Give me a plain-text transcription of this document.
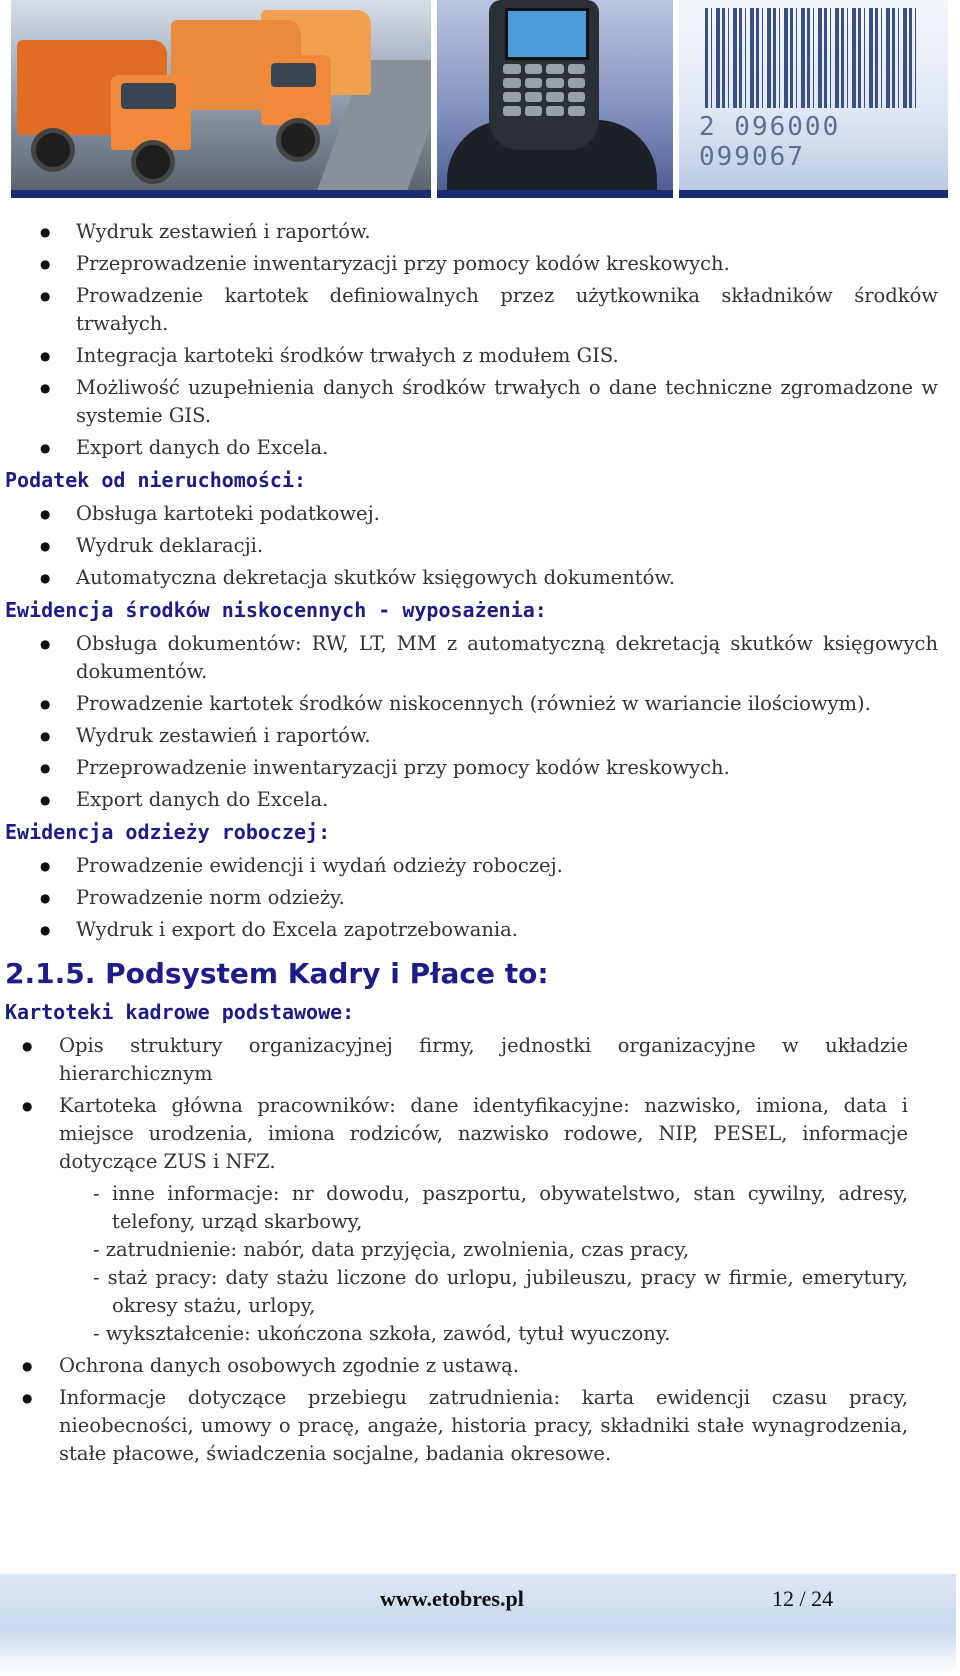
2 096000 099067
● Wydruk zestawień i raportów.
● Przeprowadzenie inwentaryzacji przy pomocy kodów kreskowych.
● Prowadzenie kartotek definiowalnych przez użytkownika składników środków trwałych.
● Integracja kartoteki środków trwałych z modułem GIS.
● Możliwość uzupełnienia danych środków trwałych o dane techniczne zgromadzone w systemie GIS.
● Export danych do Excela.
Podatek od nieruchomości:
● Obsługa kartoteki podatkowej.
● Wydruk deklaracji.
● Automatyczna dekretacja skutków księgowych dokumentów.
Ewidencja środków niskocennych - wyposażenia:
● Obsługa dokumentów: RW, LT, MM z automatyczną dekretacją skutków księgowych dokumentów.
● Prowadzenie kartotek środków niskocennych (również w wariancie ilościowym).
● Wydruk zestawień i raportów.
● Przeprowadzenie inwentaryzacji przy pomocy kodów kreskowych.
● Export danych do Excela.
Ewidencja odzieży roboczej:
● Prowadzenie ewidencji i wydań odzieży roboczej.
● Prowadzenie norm odzieży.
● Wydruk i export do Excela zapotrzebowania.
2.1.5. Podsystem Kadry i Płace to:
Kartoteki kadrowe podstawowe:
● Opis struktury organizacyjnej firmy, jednostki organizacyjne w układzie hierarchicznym
● Kartoteka główna pracowników: dane identyfikacyjne: nazwisko, imiona, data i miejsce urodzenia, imiona rodziców, nazwisko rodowe, NIP, PESEL, informacje dotyczące ZUS i NFZ.
- inne informacje: nr dowodu, paszportu, obywatelstwo, stan cywilny, adresy, telefony, urząd skarbowy,
- zatrudnienie: nabór, data przyjęcia, zwolnienia, czas pracy,
- staż pracy: daty stażu liczone do urlopu, jubileuszu, pracy w firmie, emerytury, okresy stażu, urlopy,
- wykształcenie: ukończona szkoła, zawód, tytuł wyuczony.
● Ochrona danych osobowych zgodnie z ustawą.
● Informacje dotyczące przebiegu zatrudnienia: karta ewidencji czasu pracy, nieobecności, umowy o pracę, angaże, historia pracy, składniki stałe wynagrodzenia, stałe płacowe, świadczenia socjalne, badania okresowe.
www.etobres.pl	12 / 24
